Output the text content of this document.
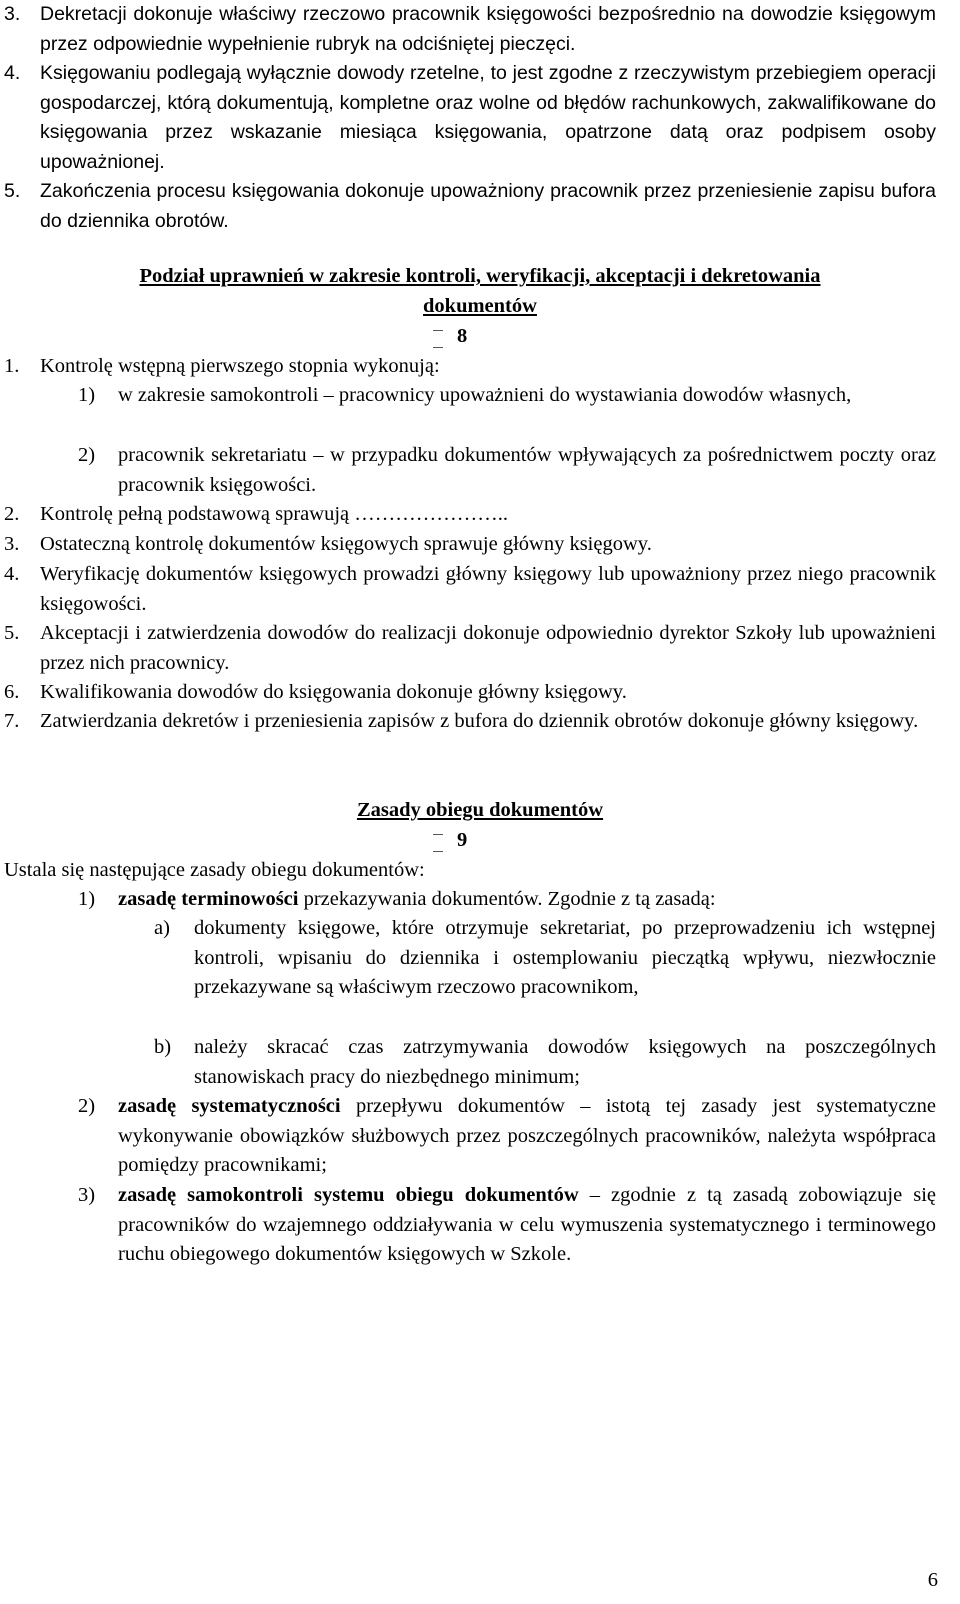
3.	Dekretacji dokonuje właściwy rzeczowo pracownik księgowości bezpośrednio na dowodzie księgowym przez odpowiednie wypełnienie rubryk na odciśniętej pieczęci.
4.	Księgowaniu podlegają wyłącznie dowody rzetelne, to jest zgodne z rzeczywistym przebiegiem operacji gospodarczej, którą dokumentują, kompletne oraz wolne od błędów rachunkowych, zakwalifikowane do księgowania przez wskazanie miesiąca księgowania, opatrzone datą oraz podpisem osoby upoważnionej.
5.	Zakończenia procesu księgowania dokonuje upoważniony pracownik przez przeniesienie zapisu bufora do dziennika obrotów.
Podział uprawnień w zakresie kontroli, weryfikacji, akceptacji i dekretowania
dokumentów
8
1.	Kontrolę wstępną pierwszego stopnia wykonują:
1)	w zakresie samokontroli – pracownicy upoważnieni do wystawiania dowodów własnych,
2)	pracownik sekretariatu – w przypadku dokumentów wpływających za pośrednictwem poczty oraz pracownik księgowości.
2.	Kontrolę pełną podstawową sprawują …………………..
3.	Ostateczną kontrolę dokumentów księgowych sprawuje główny księgowy.
4.	Weryfikację dokumentów księgowych prowadzi główny księgowy lub upoważniony przez niego pracownik księgowości.
5.	Akceptacji i zatwierdzenia dowodów do realizacji dokonuje odpowiednio dyrektor Szkoły lub upoważnieni przez nich pracownicy.
6.	Kwalifikowania dowodów do księgowania dokonuje główny księgowy.
7.	Zatwierdzania dekretów i przeniesienia zapisów z bufora do dziennik obrotów dokonuje główny księgowy.
Zasady obiegu dokumentów
9
Ustala się następujące zasady obiegu dokumentów:
1)	zasadę terminowości przekazywania dokumentów. Zgodnie z tą zasadą:
a)	dokumenty księgowe, które otrzymuje sekretariat, po przeprowadzeniu ich wstępnej kontroli, wpisaniu do dziennika i ostemplowaniu pieczątką wpływu, niezwłocznie przekazywane są właściwym rzeczowo pracownikom,
b)	należy skracać czas zatrzymywania dowodów księgowych na poszczególnych stanowiskach pracy do niezbędnego minimum;
2)	zasadę systematyczności przepływu dokumentów – istotą tej zasady jest systematyczne wykonywanie obowiązków służbowych przez poszczególnych pracowników, należyta współpraca pomiędzy pracownikami;
3)	zasadę samokontroli systemu obiegu dokumentów – zgodnie z tą zasadą zobowiązuje się pracowników do wzajemnego oddziaływania w celu wymuszenia systematycznego i terminowego ruchu obiegowego dokumentów księgowych w Szkole.
6
